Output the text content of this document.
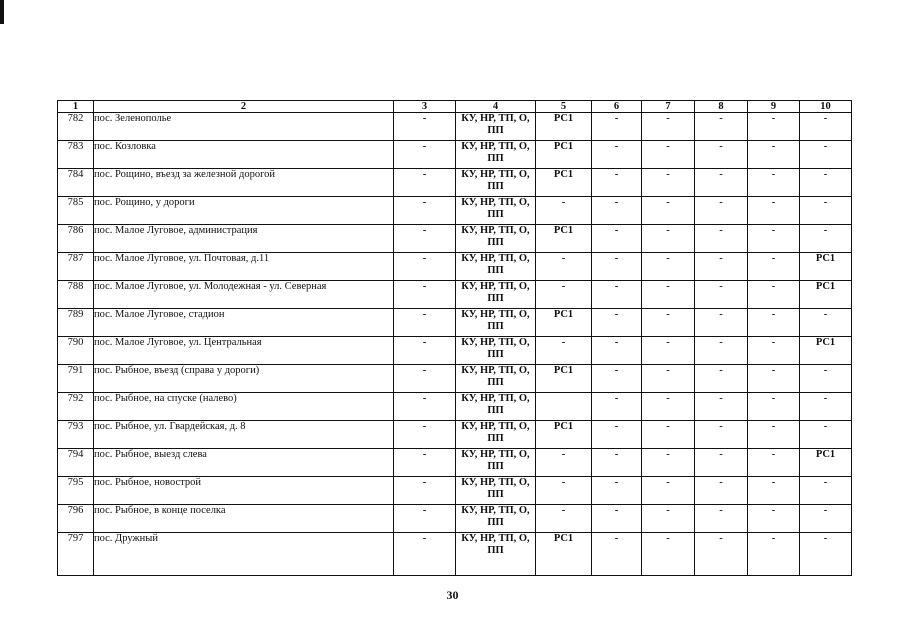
1	2	3	4	5	6	7	8	9	10
782	пос. Зеленополье	-	КУ, НР, ТП, О, ПП	РС1	-	-	-	-	-
783	пос. Козловка	-	КУ, НР, ТП, О, ПП	РС1	-	-	-	-	-
784	пос. Рощино, въезд за железной дорогой	-	КУ, НР, ТП, О, ПП	РС1	-	-	-	-	-
785	пос. Рощино, у дороги	-	КУ, НР, ТП, О, ПП	-	-	-	-	-	-
786	пос. Малое Луговое, администрация	-	КУ, НР, ТП, О, ПП	РС1	-	-	-	-	-
787	пос. Малое Луговое, ул. Почтовая, д.11	-	КУ, НР, ТП, О, ПП	-	-	-	-	-	РС1
788	пос. Малое Луговое, ул. Молодежная - ул. Северная	-	КУ, НР, ТП, О, ПП	-	-	-	-	-	РС1
789	пос. Малое Луговое, стадион	-	КУ, НР, ТП, О, ПП	РС1	-	-	-	-	-
790	пос. Малое Луговое, ул. Центральная	-	КУ, НР, ТП, О, ПП	-	-	-	-	-	РС1
791	пос. Рыбное, въезд (справа у дороги)	-	КУ, НР, ТП, О, ПП	РС1	-	-	-	-	-
792	пос. Рыбное, на спуске (налево)	-	КУ, НР, ТП, О, ПП		-	-	-	-	-
793	пос. Рыбное, ул. Гвардейская, д. 8	-	КУ, НР, ТП, О, ПП	РС1	-	-	-	-	-
794	пос. Рыбное, выезд слева	-	КУ, НР, ТП, О, ПП	-	-	-	-	-	РС1
795	пос. Рыбное, новострой	-	КУ, НР, ТП, О, ПП	-	-	-	-	-	-
796	пос. Рыбное, в конце поселка	-	КУ, НР, ТП, О, ПП	-	-	-	-	-	-
797	пос. Дружный	-	КУ, НР, ТП, О, ПП	РС1	-	-	-	-	-
30
